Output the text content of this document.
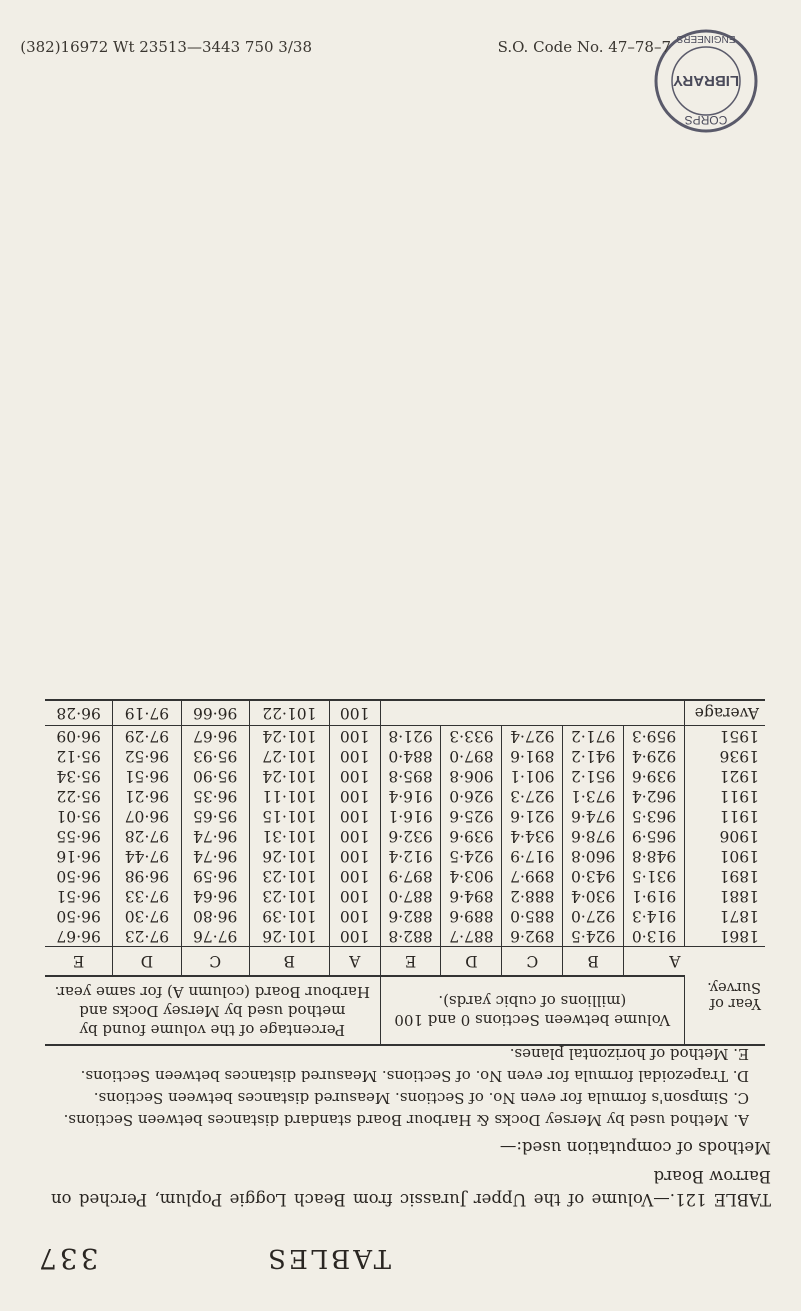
TABLES
337

TABLE 121.—Volume of the Upper Jurassic from Beach Loggie Poplum, Perched on Barrow Board

Methods of computation used:—

A. Method used by Mersey Docks & Harbour Board standard distances between Sections.

C. Simpson's formula for even No. of Sections. Measured distances between Sections.

D. Trapezoidal formula for even No. of Sections. Measured distances between Sections.

E. Method of horizontal planes.

Year of Survey.	Volume between Sections 0 and 100 (millions of cubic yards).					Percentage of the volume found by method used by Mersey Docks and Harbour Board (column A) for same year.				
	A	B	C	D	E	A	B	C	D	E
1861	913·0	924·5	892·6	887·7	882·8	100	101·26	97·76	97·23	96·67
1871	914·3	927·0	885·0	889·6	882·6	100	101·39	96·80	97·30	96·50
1881	919·1	930·4	888·2	894·6	887·0	100	101·23	96·64	97·33	96·51
1891	931·5	943·0	899·7	903·4	897·9	100	101·23	96·59	96·98	96·50
1901	948·8	960·8	917·9	924·5	912·4	100	101·26	96·74	97·44	96·16
1906	965·9	978·6	934·4	939·6	932·6	100	101·31	96·74	97·28	96·55
1911	963·5	974·6	921·6	925·6	916·1	100	101·15	95·65	96·07	95·01
1911	962·4	973·1	927·3	926·0	916·4	100	101·11	96·35	96·21	95·22
1921	939·6	951·2	901·1	906·8	895·8	100	101·24	95·90	96·51	95·34
1936	929·4	941·2	891·6	897·0	884·0	100	101·27	95·93	96·52	95·12
1951	959·3	971·2	927·4	933·3	921·8	100	101·24	96·67	97·29	96·09
Average						100	101·22	96·66	97·19	96·28
CORPS
LIBRARY
ENGINEERS
(382)16972 Wt 23513—3443 750 3/38	S.O. Code No. 47–78–7
